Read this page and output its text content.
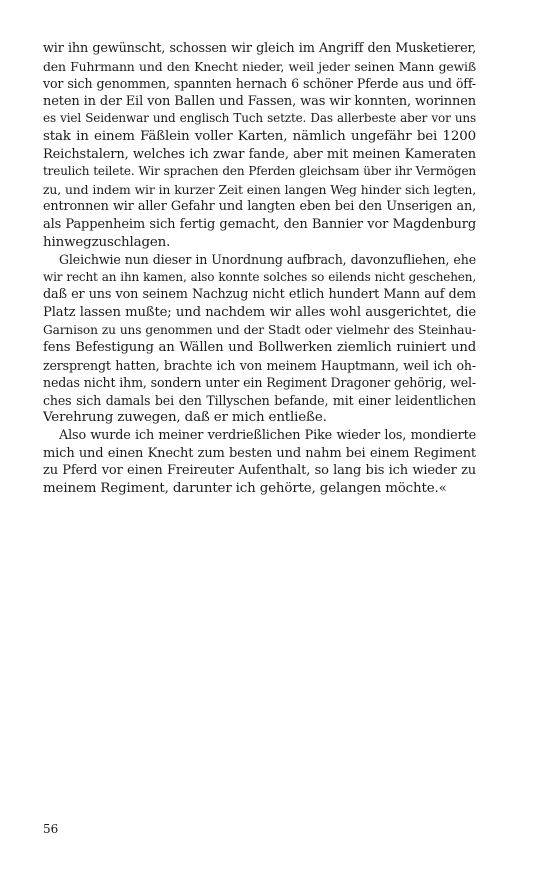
wir ihn gewünscht, schossen wir gleich im Angriff den Musketierer,
den Fuhrmann und den Knecht nieder, weil jeder seinen Mann gewiß
vor sich genommen, spannten hernach 6 schöner Pferde aus und öff-
neten in der Eil von Ballen und Fassen, was wir konnten, worinnen
es viel Seidenwar und englisch Tuch setzte. Das allerbeste aber vor uns
stak in einem Fäßlein voller Karten, nämlich ungefähr bei 1200
Reichstalern, welches ich zwar fande, aber mit meinen Kameraten
treulich teilete. Wir sprachen den Pferden gleichsam über ihr Vermögen
zu, und indem wir in kurzer Zeit einen langen Weg hinder sich legten,
entronnen wir aller Gefahr und langten eben bei den Unserigen an,
als Pappenheim sich fertig gemacht, den Bannier vor Magdenburg
hinwegzuschlagen.
Gleichwie nun dieser in Unordnung aufbrach, davonzufliehen, ehe
wir recht an ihn kamen, also konnte solches so eilends nicht geschehen,
daß er uns von seinem Nachzug nicht etlich hundert Mann auf dem
Platz lassen mußte; und nachdem wir alles wohl ausgerichtet, die
Garnison zu uns genommen und der Stadt oder vielmehr des Steinhau-
fens Befestigung an Wällen und Bollwerken ziemlich ruiniert und
zersprengt hatten, brachte ich von meinem Hauptmann, weil ich oh-
nedas nicht ihm, sondern unter ein Regiment Dragoner gehörig, wel-
ches sich damals bei den Tillyschen befande, mit einer leidentlichen
Verehrung zuwegen, daß er mich entließe.
Also wurde ich meiner verdrießlichen Pike wieder los, mondierte
mich und einen Knecht zum besten und nahm bei einem Regiment
zu Pferd vor einen Freireuter Aufenthalt, so lang bis ich wieder zu
meinem Regiment, darunter ich gehörte, gelangen möchte.«
56
